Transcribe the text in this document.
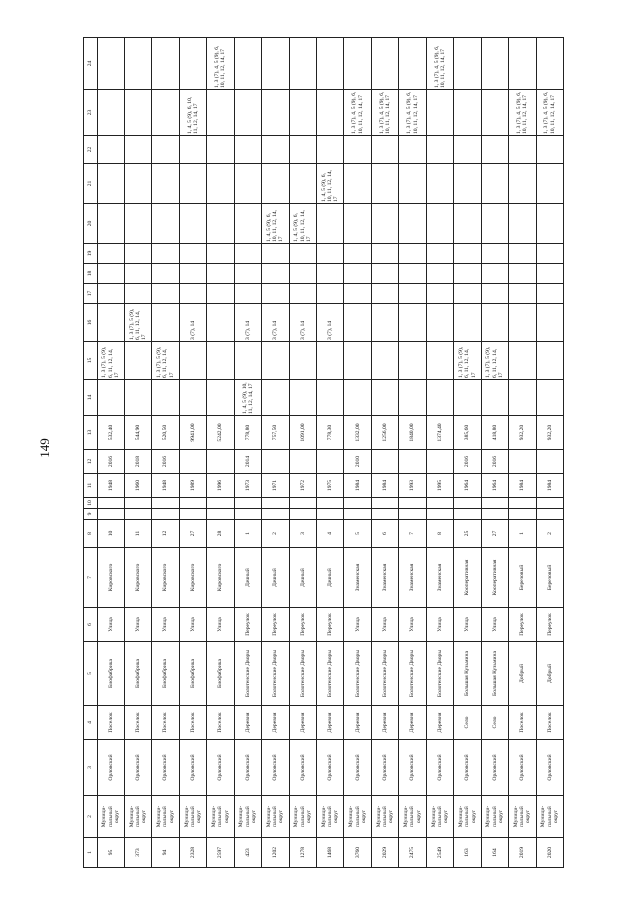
149
1	2	3	4	5	6	7	8	9	10	11	12	13	14	15	16	17	18	19	20	21	22	23	24
95	Муници-
пальный
округ	Орловский	Поселок	Биофабрика	Улица	Кировского	10			1948	2016	532,40		1, 3 (7), 5 (9), 6, 11, 12, 14, 17									
373	Муници-
пальный
округ	Орловский	Поселок	Биофабрика	Улица	Кировского	11			1960	2018	544,90			1, 3 (7), 5 (9), 6, 11, 12, 14, 17								
94	Муници-
пальный
округ	Орловский	Поселок	Биофабрика	Улица	Кировского	12			1948	2016	520,50		1, 3 (7), 5 (9), 6, 11, 12, 14, 17									
2328	Муници-
пальный
округ	Орловский	Поселок	Биофабрика	Улица	Кировского	27			1989		9941,00			3 (7), 14							1, 4, 5 (9), 6, 10, 11, 12, 14, 17	
2597	Муници-
пальный
округ	Орловский	Поселок	Биофабрика	Улица	Кировского	28			1996		5242,00											1, 3 (7), 4, 5 (9), 6, 10, 11, 12, 14, 17
423	Муници-
пальный
округ	Орловский	Деревня	Болотенские Дворы	Переулок	Дачный	1			1973	2014	778,80	1, 4, 5 (9), 10, 11, 12, 14, 17		3 (7), 14								
1202	Муници-
пальный
округ	Орловский	Деревня	Болотенские Дворы	Переулок	Дачный	2			1971		757,50			3 (7), 14				1, 4, 5 (9), 6, 10, 11, 12, 14, 17				
1278	Муници-
пальный
округ	Орловский	Деревня	Болотенские Дворы	Переулок	Дачный	3			1972		1091,00			3 (7), 14				1, 4, 5 (9), 6, 10, 11, 12, 14, 17				
1468	Муници-
пальный
округ	Орловский	Деревня	Болотенские Дворы	Переулок	Дачный	4			1975		778,30			3 (7), 14					1, 4, 5 (9), 6, 10, 11, 12, 14, 17			
3760	Муници-
пальный
округ	Орловский	Деревня	Болотенские Дворы	Улица	Знаменская	5			1984	2010	1332,00										1, 3 (7), 4, 5 (9), 6, 10, 11, 12, 14, 17	
2029	Муници-
пальный
округ	Орловский	Деревня	Болотенские Дворы	Улица	Знаменская	6			1984		1256,00										1, 3 (7), 4, 5 (9), 6, 10, 11, 12, 14, 17	
2475	Муници-
пальный
округ	Орловский	Деревня	Болотенские Дворы	Улица	Знаменская	7			1993		1840,00										1, 3 (7), 4, 5 (9), 6, 10, 11, 12, 14, 17	
2549	Муници-
пальный
округ	Орловский	Деревня	Болотенские Дворы	Улица	Знаменская	8			1995		1374,40											1, 3 (7), 4, 5 (9), 6, 10, 11, 12, 14, 17
163	Муници-
пальный
округ	Орловский	Село	Большая Кузьмина	Улица	Кооперативная	25			1964	2016	385,60		1, 3 (7), 5 (9), 6, 11, 12, 14, 17									
164	Муници-
пальный
округ	Орловский	Село	Большая Кузьмина	Улица	Кооперативная	27			1964	2016	418,80		1, 3 (7), 5 (9), 6, 11, 12, 14, 17									
2019	Муници-
пальный
округ	Орловский	Поселок	Добрый	Переулок	Березовый	1			1984		932,20										1, 3 (7), 4, 5 (9), 6, 10, 11, 12, 14, 17	
2020	Муници-
пальный
округ	Орловский	Поселок	Добрый	Переулок	Березовый	2			1984		932,20										1, 3 (7), 4, 5 (9), 6, 10, 11, 12, 14, 17	
